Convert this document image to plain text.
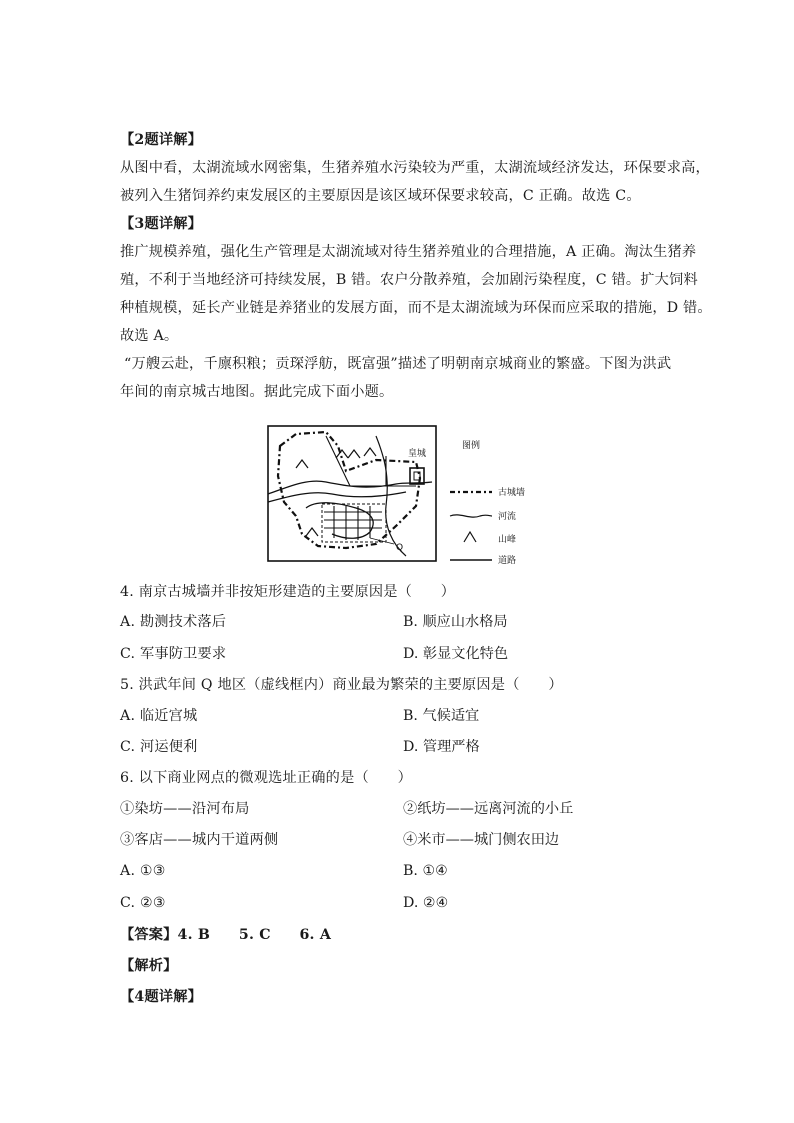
【2题详解】
从图中看，太湖流域水网密集，生猪养殖水污染较为严重，太湖流域经济发达，环保要求高，
被列入生猪饲养约束发展区的主要原因是该区域环保要求较高，C 正确。故选 C。
【3题详解】
推广规模养殖，强化生产管理是太湖流域对待生猪养殖业的合理措施，A 正确。淘汰生猪养
殖，不利于当地经济可持续发展，B 错。农户分散养殖，会加剧污染程度，C 错。扩大饲料
种植规模，延长产业链是养猪业的发展方面，而不是太湖流域为环保而应采取的措施，D 错。
故选 A。
“万艘云赴，千廪积粮；贡琛浮舫，既富强”描述了明朝南京城商业的繁盛。下图为洪武
年间的南京城古地图。据此完成下面小题。
皇城
Q
图例
古城墙
河流
山峰
道路
4. 南京古城墙并非按矩形建造的主要原因是（　　）
A. 勘测技术落后	B. 顺应山水格局
C. 军事防卫要求	D. 彰显文化特色
5. 洪武年间 Q 地区（虚线框内）商业最为繁荣的主要原因是（　　）
A. 临近宫城	B. 气候适宜
C. 河运便利	D. 管理严格
6. 以下商业网点的微观选址正确的是（　　）
①染坊——沿河布局	②纸坊——远离河流的小丘
③客店——城内干道两侧	④米市——城门侧农田边
A. ①③	B. ①④
C. ②③	D. ②④
【答案】4. B　　5. C　　6. A
【解析】
【4题详解】
